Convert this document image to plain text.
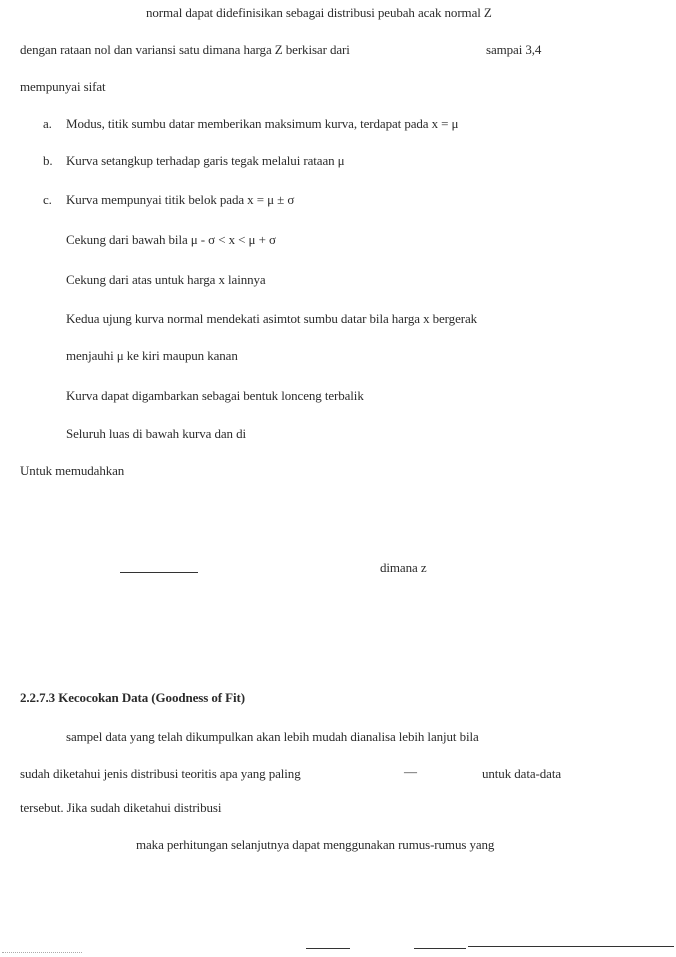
normal dapat didefinisikan sebagai distribusi peubah acak normal Z
dengan rataan nol dan variansi satu dimana harga Z berkisar dari	sampai 3,4
mempunyai sifat
a. Modus, titik sumbu datar memberikan maksimum kurva, terdapat pada x = μ
b. Kurva setangkup terhadap garis tegak melalui rataan μ
c. Kurva mempunyai titik belok pada x = μ ± σ
Cekung dari bawah bila μ - σ < x < μ + σ
Cekung dari atas untuk harga x lainnya
Kedua ujung kurva normal mendekati asimtot sumbu datar bila harga x bergerak
menjauhi μ ke kiri maupun kanan
Kurva dapat digambarkan sebagai bentuk lonceng terbalik
Seluruh luas di bawah kurva dan di
Untuk memudahkan
dimana z
2.2.7.3 Kecocokan Data (Goodness of Fit)
sampel data yang telah dikumpulkan akan lebih mudah dianalisa lebih lanjut bila
sudah diketahui jenis distribusi teoritis apa yang paling	—	untuk data-data
tersebut. Jika sudah diketahui distribusi
maka perhitungan selanjutnya dapat menggunakan rumus-rumus yang
